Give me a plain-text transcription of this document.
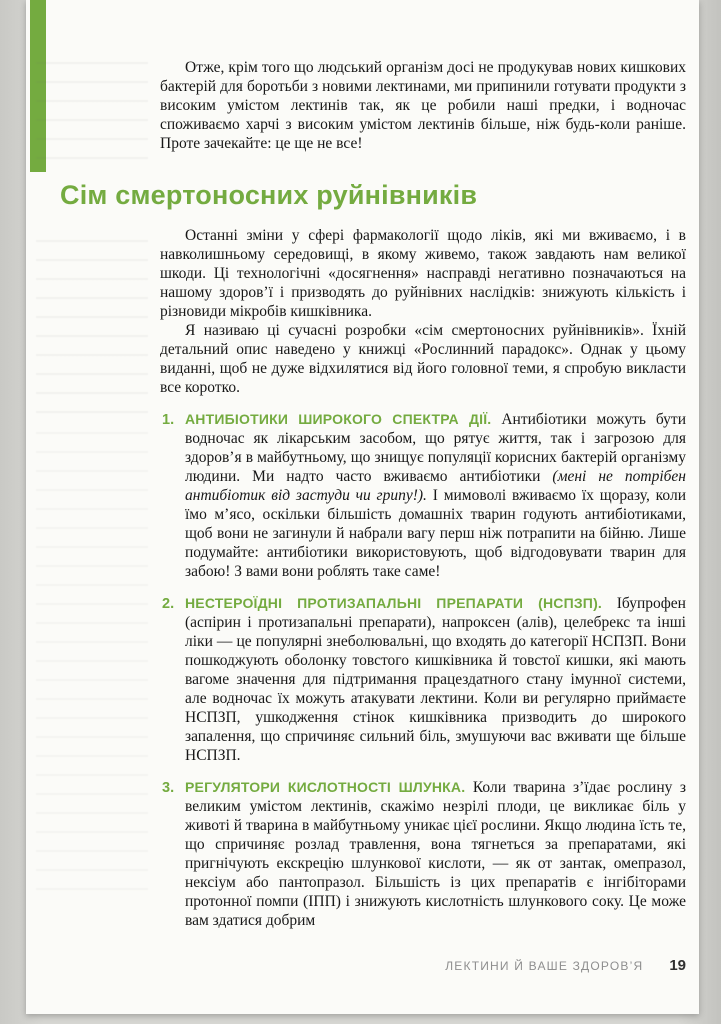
Отже, крім того що людський організм досі не продукував нових кишкових бактерій для боротьби з новими лектинами, ми припинили готувати продукти з високим умістом лектинів так, як це робили наші предки, і водночас споживаємо харчі з високим умістом лектинів більше, ніж будь-коли раніше. Проте зачекайте: це ще не все!

Сім смертоносних руйнівників

Останні зміни у сфері фармакології щодо ліків, які ми вживаємо, і в навколишньому середовищі, в якому живемо, також завдають нам великої шкоди. Ці технологічні «досягнення» насправді негативно позначаються на нашому здоров’ї і призводять до руйнівних наслідків: знижують кількість і різновиди мікробів кишківника.

Я називаю ці сучасні розробки «сім смертоносних руйнівників». Їхній детальний опис наведено у книжці «Рослинний парадокс». Однак у цьому виданні, щоб не дуже відхилятися від його головної теми, я спробую викласти все коротко.

1. АНТИБІОТИКИ ШИРОКОГО СПЕКТРА ДІЇ. Антибіотики можуть бути водночас як лікарським засобом, що рятує життя, так і загрозою для здоров’я в майбутньому, що знищує популяції корисних бактерій організму людини. Ми надто часто вживаємо антибіотики (мені не потрібен антибіотик від застуди чи грипу!). І мимоволі вживаємо їх щоразу, коли їмо м’ясо, оскільки більшість домашніх тварин годують антибіотиками, щоб вони не загинули й набрали вагу перш ніж потрапити на бійню. Лише подумайте: антибіотики використовують, щоб відгодовувати тварин для забою! З вами вони роблять таке саме!
2. НЕСТЕРОЇДНІ ПРОТИЗАПАЛЬНІ ПРЕПАРАТИ (НСПЗП). Ібупрофен (аспірин і протизапальні препарати), напроксен (алів), целебрекс та інші ліки — це популярні знеболювальні, що входять до категорії НСПЗП. Вони пошкоджують оболонку товстого кишківника й товстої кишки, які мають вагоме значення для підтримання працездатного стану імунної системи, але водночас їх можуть атакувати лектини. Коли ви регулярно приймаєте НСПЗП, ушкодження стінок кишківника призводить до широкого запалення, що спричиняє сильний біль, змушуючи вас вживати ще більше НСПЗП.
3. РЕГУЛЯТОРИ КИСЛОТНОСТІ ШЛУНКА. Коли тварина з’їдає рослину з великим умістом лектинів, скажімо незрілі плоди, це викликає біль у животі й тварина в майбутньому уникає цієї рослини. Якщо людина їсть те, що спричиняє розлад травлення, вона тягнеться за препаратами, які пригнічують екскрецію шлункової кислоти, — як от зантак, омепразол, нексіум або пантопразол. Більшість із цих препаратів є інгібіторами протонної помпи (ІПП) і знижують кислотність шлункового соку. Це може вам здатися добрим
ЛЕКТИНИ Й ВАШЕ ЗДОРОВ’Я 19
